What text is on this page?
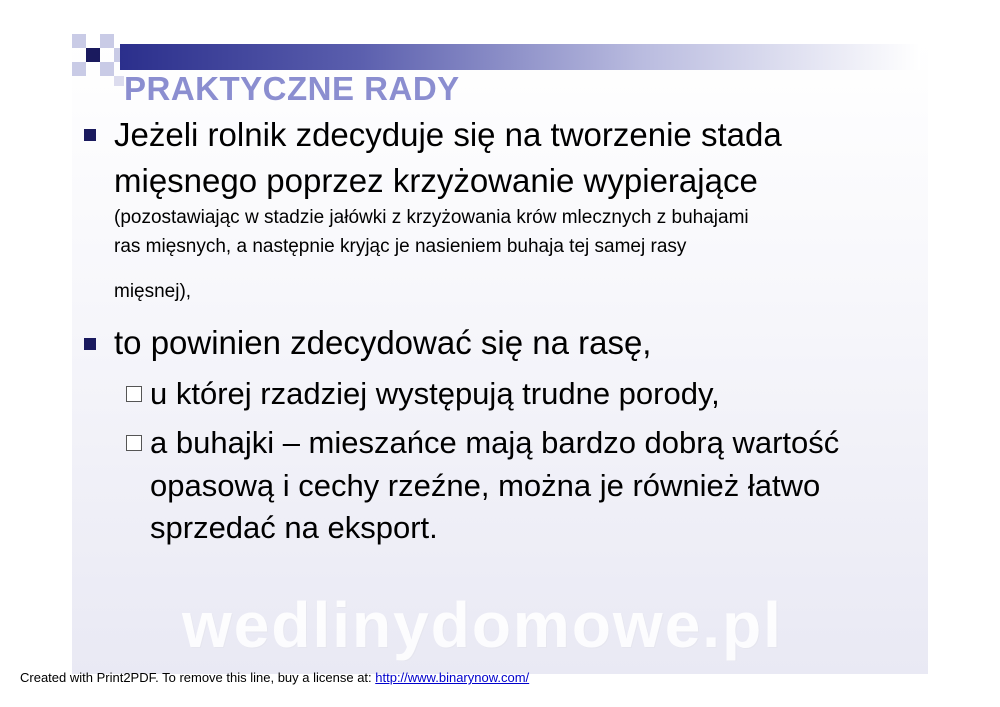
PRAKTYCZNE RADY
Jeżeli rolnik zdecyduje się na tworzenie stada
mięsnego poprzez krzyżowanie wypierające
(pozostawiając w stadzie jałówki z krzyżowania krów mlecznych z buhajami
ras mięsnych, a następnie kryjąc je nasieniem buhaja tej samej rasy
mięsnej),
to powinien zdecydować się na rasę,
u której rzadziej występują trudne porody,
a buhajki – mieszańce mają bardzo dobrą wartość
opasową i cechy rzeźne, można je również łatwo
sprzedać na eksport.
wedlinydomowe.pl
Created with Print2PDF. To remove this line, buy a license at: http://www.binarynow.com/
